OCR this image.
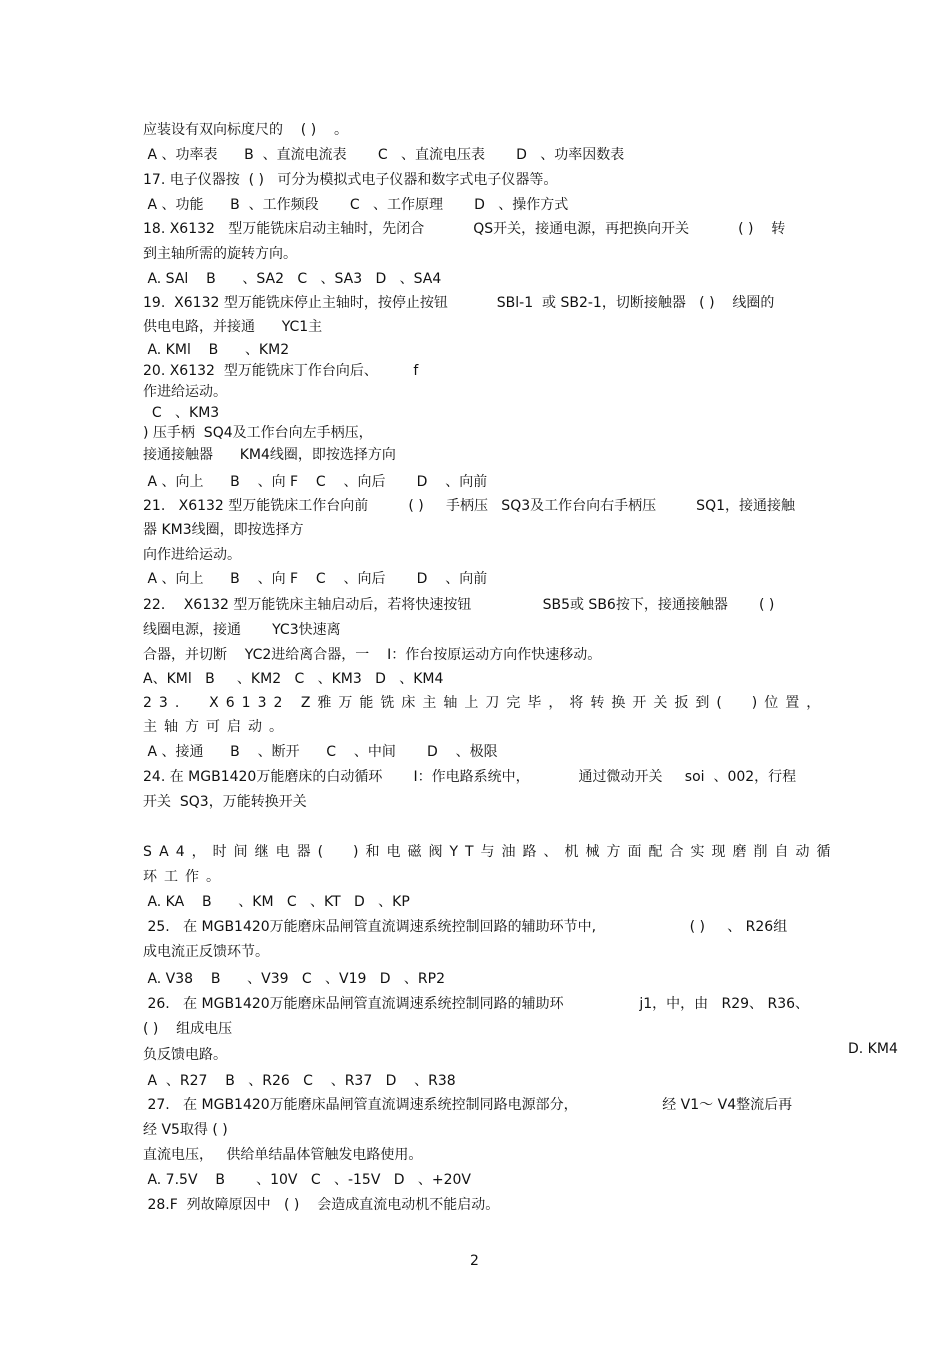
应装设有双向标度尺的    ( )    。
A 、功率表      B  、直流电流表       C   、直流电压表       D   、功率因数表
17. 电子仪器按  ( )   可分为模拟式电子仪器和数字式电子仪器等。
A 、功能      B  、工作频段       C   、工作原理       D   、操作方式
18. X6132   型万能铣床启动主轴时，先闭合           QS开关，接通电源，再把换向开关           ( )    转
到主轴所需的旋转方向。
A. SAl    B      、SA2   C   、SA3   D   、SA4
19.  X6132 型万能铣床停止主轴时，按停止按钮           SBl-1  或 SB2-1，切断接触器   ( )    线圈的
供电电路，并接通      YC1主
A. KMl    B      、KM2
20. X6132  型万能铣床丁作台向后、        f
作进给运动。
C   、KM3
) 压手柄  SQ4及工作台向左手柄压，
接通接触器      KM4线圈，即按选择方向
A 、向上      B    、向 F    C    、向后       D    、向前
21.   X6132 型万能铣床工作台向前         ( )     手柄压   SQ3及工作台向右手柄压         SQ1，接通接触
器 KM3线圈，即按选择方
向作进给运动。
A 、向上      B    、向 F    C    、向后       D    、向前
22．  X6132 型万能铣床主轴启动后，若将快速按钮                SB5或 SB6按下，接通接触器       ( )
线圈电源，接通       YC3快速离
合器，并切断    YC2进给离合器，一    I：作台按原运动方向作快速移动。
A、KMl   B     、KM2   C   、KM3   D   、KM4
23.  X6132 Z雅万能铣床主轴上刀完毕，将转换开关扳到(  )位置，
主轴方可启动。
A 、接通      B    、断开      C    、中间       D    、极限
24. 在 MGB1420万能磨床的白动循环       I：作电路系统中，           通过微动开关     soi  、002，行程
开关  SQ3，万能转换开关
SA4，时间继电器(  )和电磁阀YT与油路、机械方面配合实现磨削自动循
环工作。
A. KA    B      、KM   C   、KT   D   、KP
25.   在 MGB1420万能磨床品闸管直流调速系统控制回路的辅助环节中,                     ( )     、 R26组
成电流正反馈环节。
A. V38    B      、V39   C   、V19   D   、RP2
26.   在 MGB1420万能磨床品闸管直流调速系统控制同路的辅助环                 j1，中，由   R29、 R36、
( )    组成电压
负反馈电路。
A  、R27    B   、R26   C    、R37   D    、R38
27.   在 MGB1420万能磨床晶闸管直流调速系统控制同路电源部分，                   经 V1～ V4整流后再
经 V5取得 ( )
直流电压，   供给单结晶体管触发电路使用。
A. 7.5V    B       、10V   C   、-15V   D   、+20V
28.F  列故障原因中   ( )    会造成直流电动机不能启动。
D. KM4
2
